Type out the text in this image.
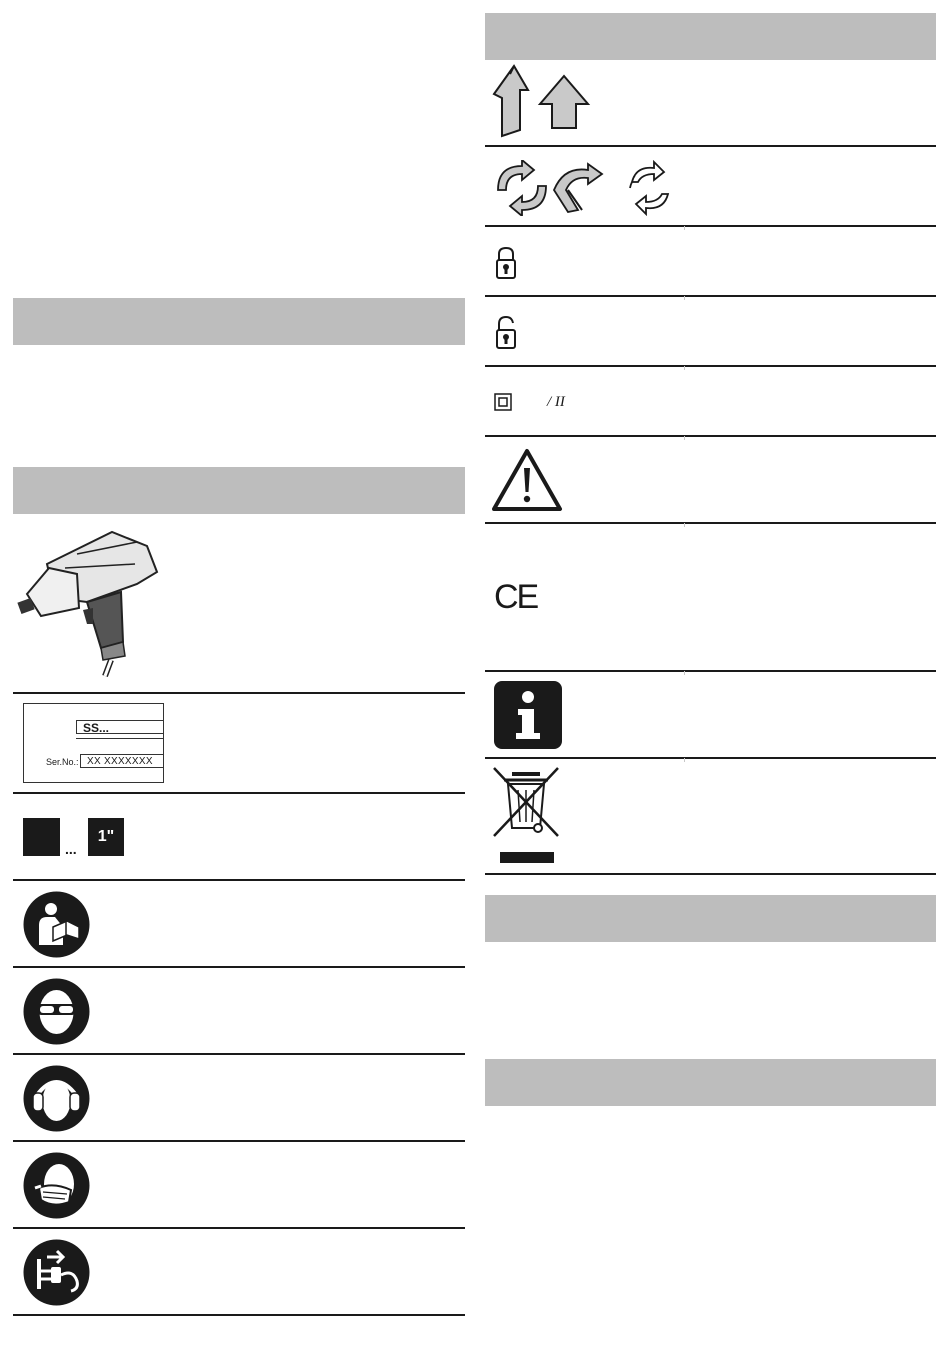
SS...
Ser.No.: XX XXXXXXX
...
1"
/ II
CE
